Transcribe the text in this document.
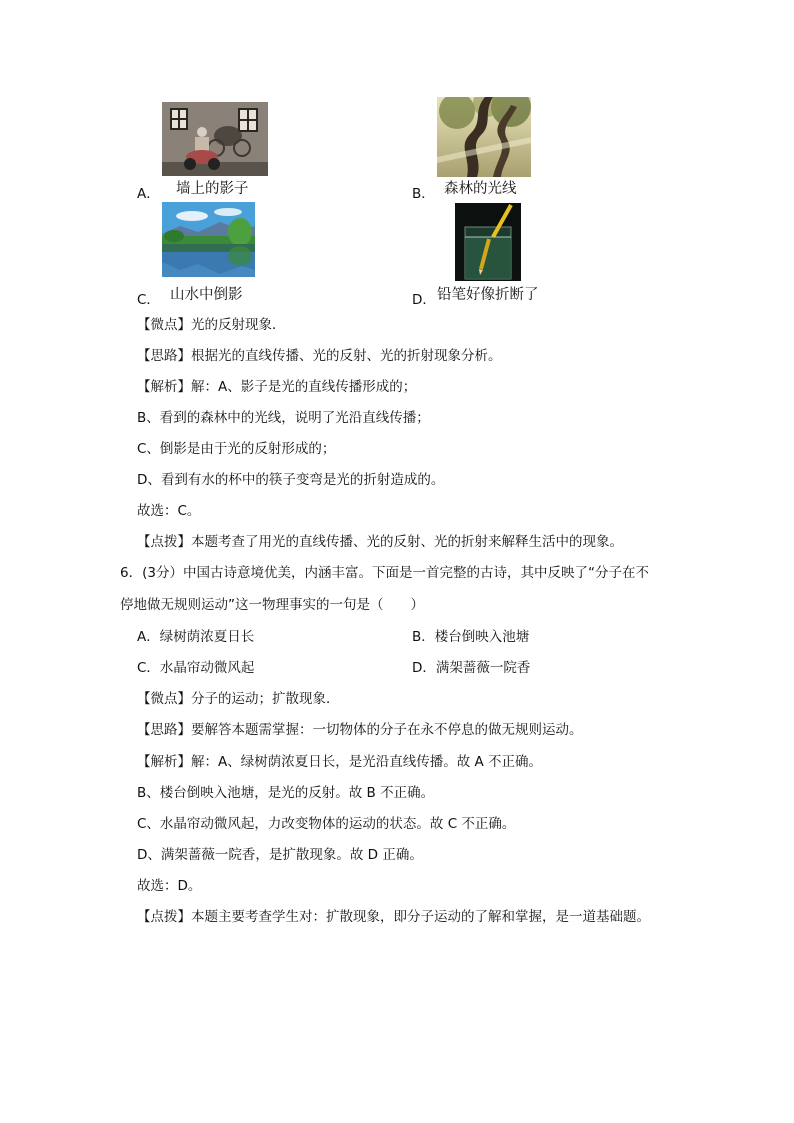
A． 墙上的影子	B． 森林的光线
C． 山水中倒影	D． 铅笔好像折断了
【微点】光的反射现象．
【思路】根据光的直线传播、光的反射、光的折射现象分析。
【解析】解：A、影子是光的直线传播形成的；
B、看到的森林中的光线，说明了光沿直线传播；
C、倒影是由于光的反射形成的；
D、看到有水的杯中的筷子变弯是光的折射造成的。
故选：C。
【点拨】本题考查了用光的直线传播、光的反射、光的折射来解释生活中的现象。
6．(3分）中国古诗意境优美，内涵丰富。下面是一首完整的古诗，其中反映了“分子在不
停地做无规则运动”这一物理事实的一句是（　　）
A．绿树荫浓夏日长	B．楼台倒映入池塘
C．水晶帘动微风起	D．满架蔷薇一院香
【微点】分子的运动；扩散现象．
【思路】要解答本题需掌握：一切物体的分子在永不停息的做无规则运动。
【解析】解：A、绿树荫浓夏日长，是光沿直线传播。故 A 不正确。
B、楼台倒映入池塘，是光的反射。故 B 不正确。
C、水晶帘动微风起，力改变物体的运动的状态。故 C 不正确。
D、满架蔷薇一院香，是扩散现象。故 D 正确。
故选：D。
【点拨】本题主要考查学生对：扩散现象，即分子运动的了解和掌握，是一道基础题。
